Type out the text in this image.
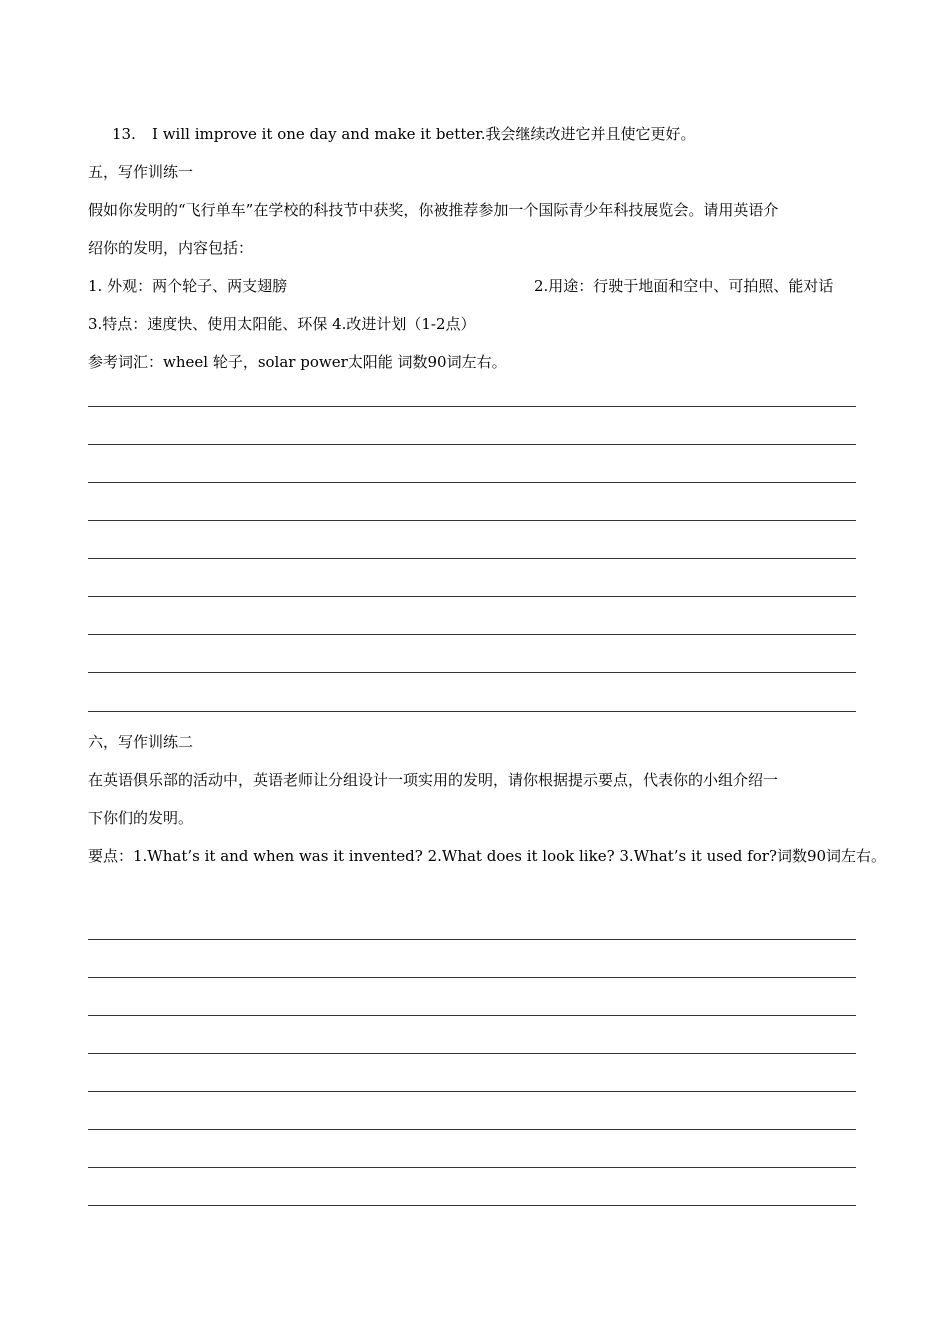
13. I will improve it one day and make it better.我会继续改进它并且使它更好。
五，写作训练一
假如你发明的“飞行单车”在学校的科技节中获奖，你被推荐参加一个国际青少年科技展览会。请用英语介
绍你的发明，内容包括：
1. 外观：两个轮子、两支翅膀	2.用途：行驶于地面和空中、可拍照、能对话
3.特点：速度快、使用太阳能、环保 4.改进计划（1-2点）
参考词汇：wheel 轮子，solar power太阳能 词数90词左右。
六，写作训练二
在英语俱乐部的活动中，英语老师让分组设计一项实用的发明，请你根据提示要点，代表你的小组介绍一
下你们的发明。
要点：1.What’s it and when was it invented? 2.What does it look like? 3.What’s it used for?词数90词左右。
